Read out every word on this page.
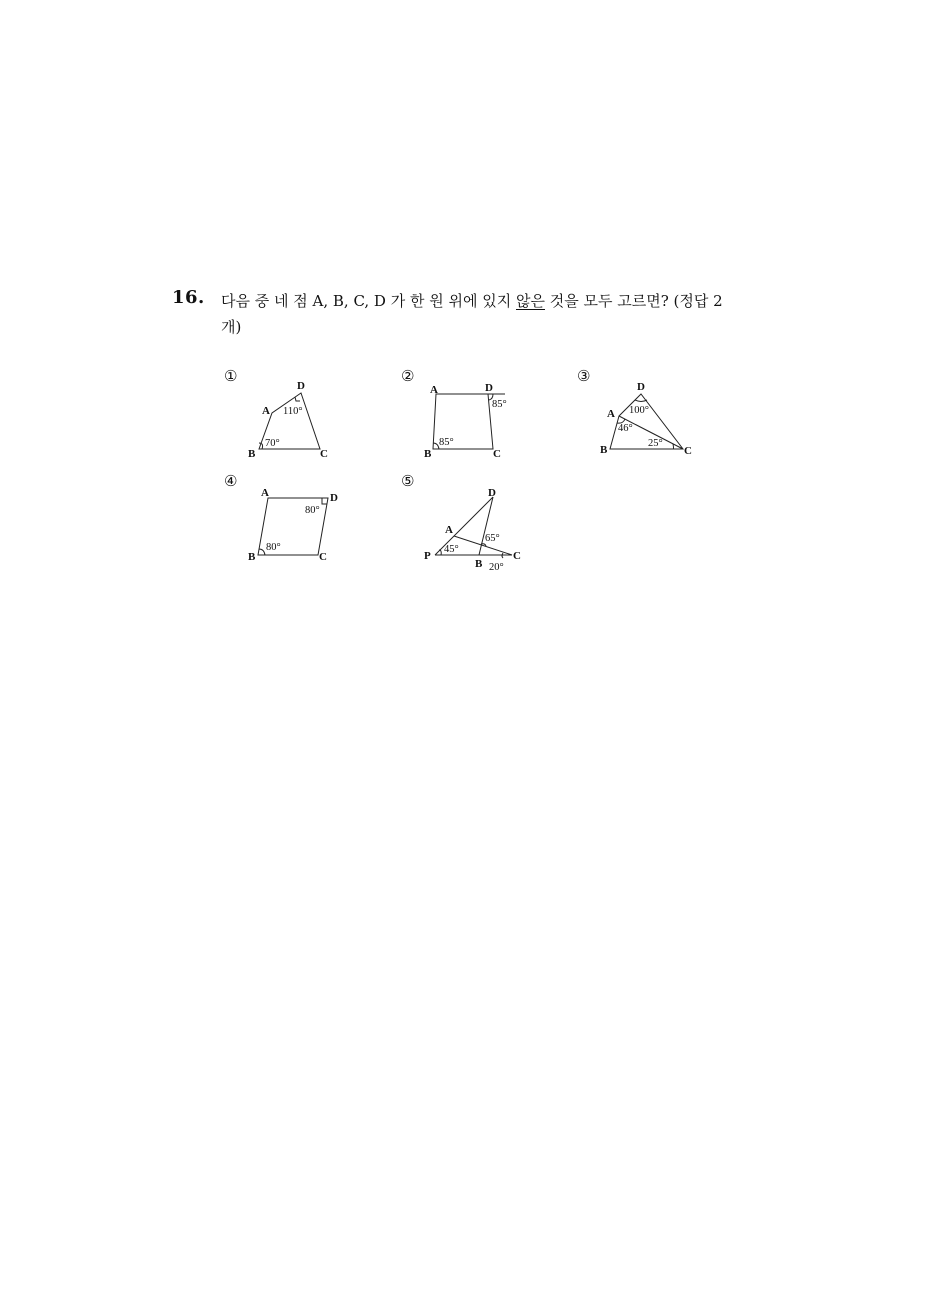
16. 다음 중 네 점 A, B, C, D 가 한 원 위에 있지 않은 것을 모두 고르면? (정답 2
개)
①
D
A
B	C
110°
70°
②
A	D
B	C
85°
85°
③
D
A
B	C
100°
46°
25°
④
A	D
B	C
80°
80°
⑤
D
A
P
B
C
45°
65°
20°
